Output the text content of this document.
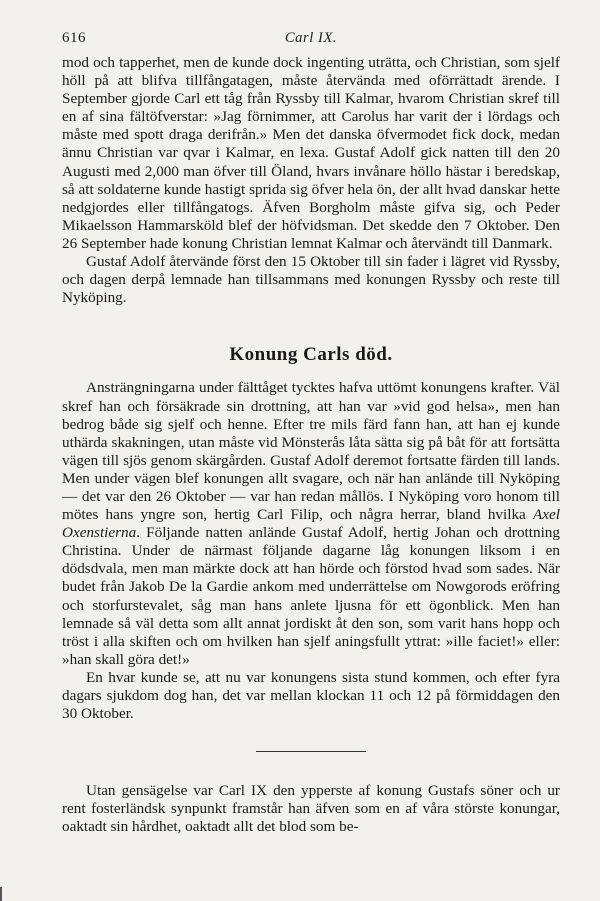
616	Carl IX.

mod och tapperhet, men de kunde dock ingenting uträtta, och Christian, som sjelf höll på att blifva tillfångatagen, måste återvända med oförrättadt ärende. I September gjorde Carl ett tåg från Ryssby till Kalmar, hvarom Christian skref till en af sina fältöfverstar: »Jag förnimmer, att Carolus har varit der i lördags och måste med spott draga derifrån.» Men det danska öfvermodet fick dock, medan ännu Christian var qvar i Kalmar, en lexa. Gustaf Adolf gick natten till den 20 Augusti med 2,000 man öfver till Öland, hvars invånare höllo hästar i beredskap, så att soldaterne kunde hastigt sprida sig öfver hela ön, der allt hvad danskar hette nedgjordes eller tillfångatogs. Äfven Borgholm måste gifva sig, och Peder Mikaelsson Hammarsköld blef der höfvidsman. Det skedde den 7 Oktober. Den 26 September hade konung Christian lemnat Kalmar och återvändt till Danmark.

Gustaf Adolf återvände först den 15 Oktober till sin fader i lägret vid Ryssby, och dagen derpå lemnade han tillsammans med konungen Ryssby och reste till Nyköping.

Konung Carls död.

Ansträngningarna under fälttåget tycktes hafva uttömt konungens krafter. Väl skref han och försäkrade sin drottning, att han var »vid god helsa», men han bedrog både sig sjelf och henne. Efter tre mils färd fann han, att han ej kunde uthärda skakningen, utan måste vid Mönsterås låta sätta sig på båt för att fortsätta vägen till sjös genom skärgården. Gustaf Adolf deremot fortsatte färden till lands. Men under vägen blef konungen allt svagare, och när han anlände till Nyköping — det var den 26 Oktober — var han redan mållös. I Nyköping voro honom till mötes hans yngre son, hertig Carl Filip, och några herrar, bland hvilka Axel Oxenstierna. Följande natten anlände Gustaf Adolf, hertig Johan och drottning Christina. Under de närmast följande dagarne låg konungen liksom i en dödsdvala, men man märkte dock att han hörde och förstod hvad som sades. När budet från Jakob De la Gardie ankom med underrättelse om Nowgorods eröfring och storfurstevalet, såg man hans anlete ljusna för ett ögonblick. Men han lemnade så väl detta som allt annat jordiskt åt den son, som varit hans hopp och tröst i alla skiften och om hvilken han sjelf aningsfullt yttrat: »ille faciet!» eller: »han skall göra det!»

En hvar kunde se, att nu var konungens sista stund kommen, och efter fyra dagars sjukdom dog han, det var mellan klockan 11 och 12 på förmiddagen den 30 Oktober.

Utan gensägelse var Carl IX den ypperste af konung Gustafs söner och ur rent fosterländsk synpunkt framstår han äfven som en af våra störste konungar, oaktadt sin hårdhet, oaktadt allt det blod som be-
